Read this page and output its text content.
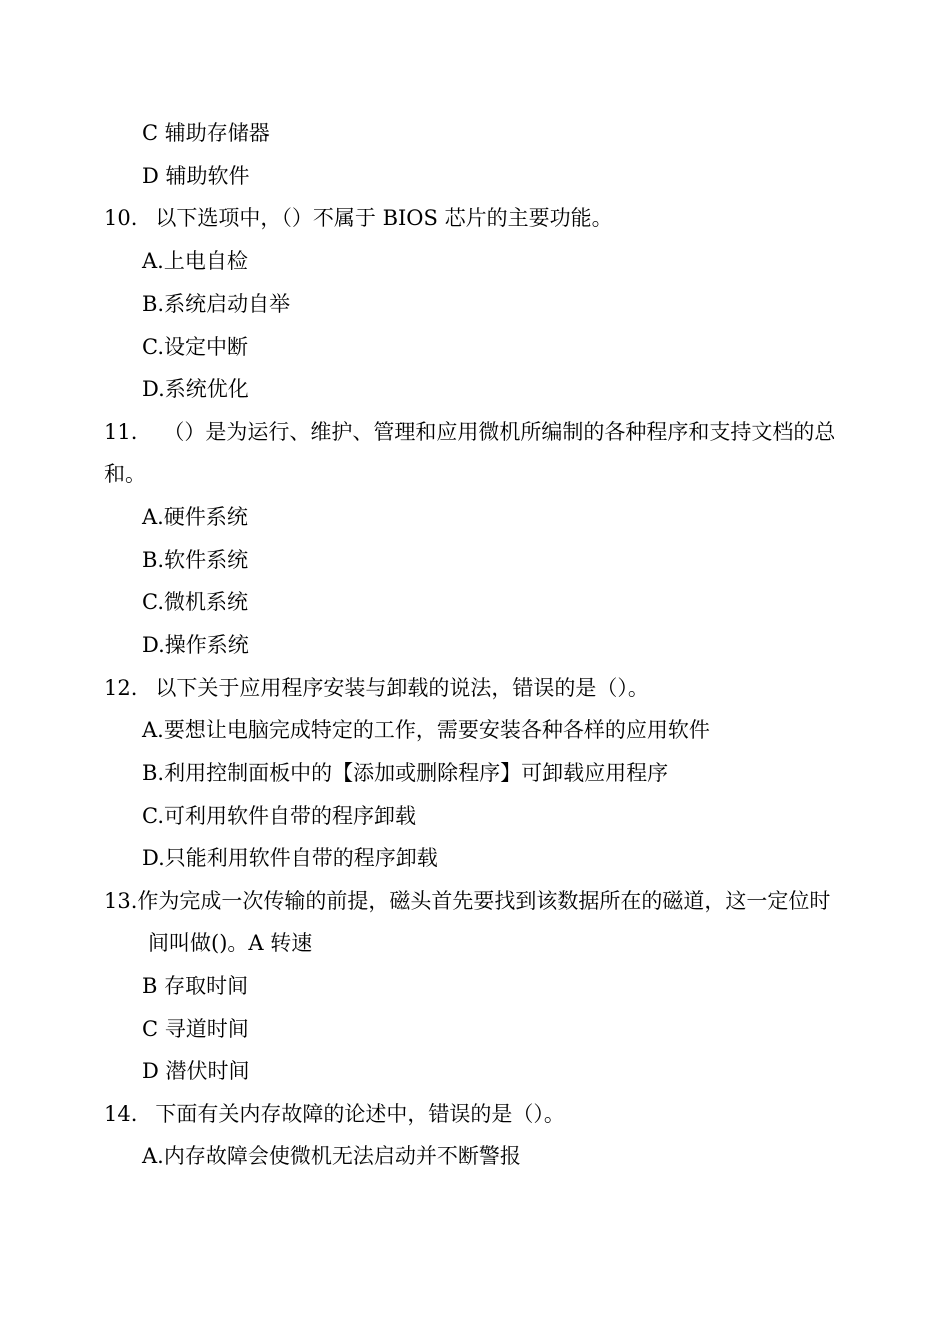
C 辅助存储器
D 辅助软件
10. 以下选项中，（）不属于 BIOS 芯片的主要功能。
A.上电自检
B.系统启动自举
C.设定中断
D.系统优化
11. （）是为运行、维护、管理和应用微机所编制的各种程序和支持文档的总
和。
A.硬件系统
B.软件系统
C.微机系统
D.操作系统
12. 以下关于应用程序安装与卸载的说法，错误的是（）。
A.要想让电脑完成特定的工作，需要安装各种各样的应用软件
B.利用控制面板中的【添加或删除程序】可卸载应用程序
C.可利用软件自带的程序卸载
D.只能利用软件自带的程序卸载
13.作为完成一次传输的前提，磁头首先要找到该数据所在的磁道，这一定位时
间叫做()。A 转速
B 存取时间
C 寻道时间
D 潜伏时间
14. 下面有关内存故障的论述中，错误的是（）。
A.内存故障会使微机无法启动并不断警报
